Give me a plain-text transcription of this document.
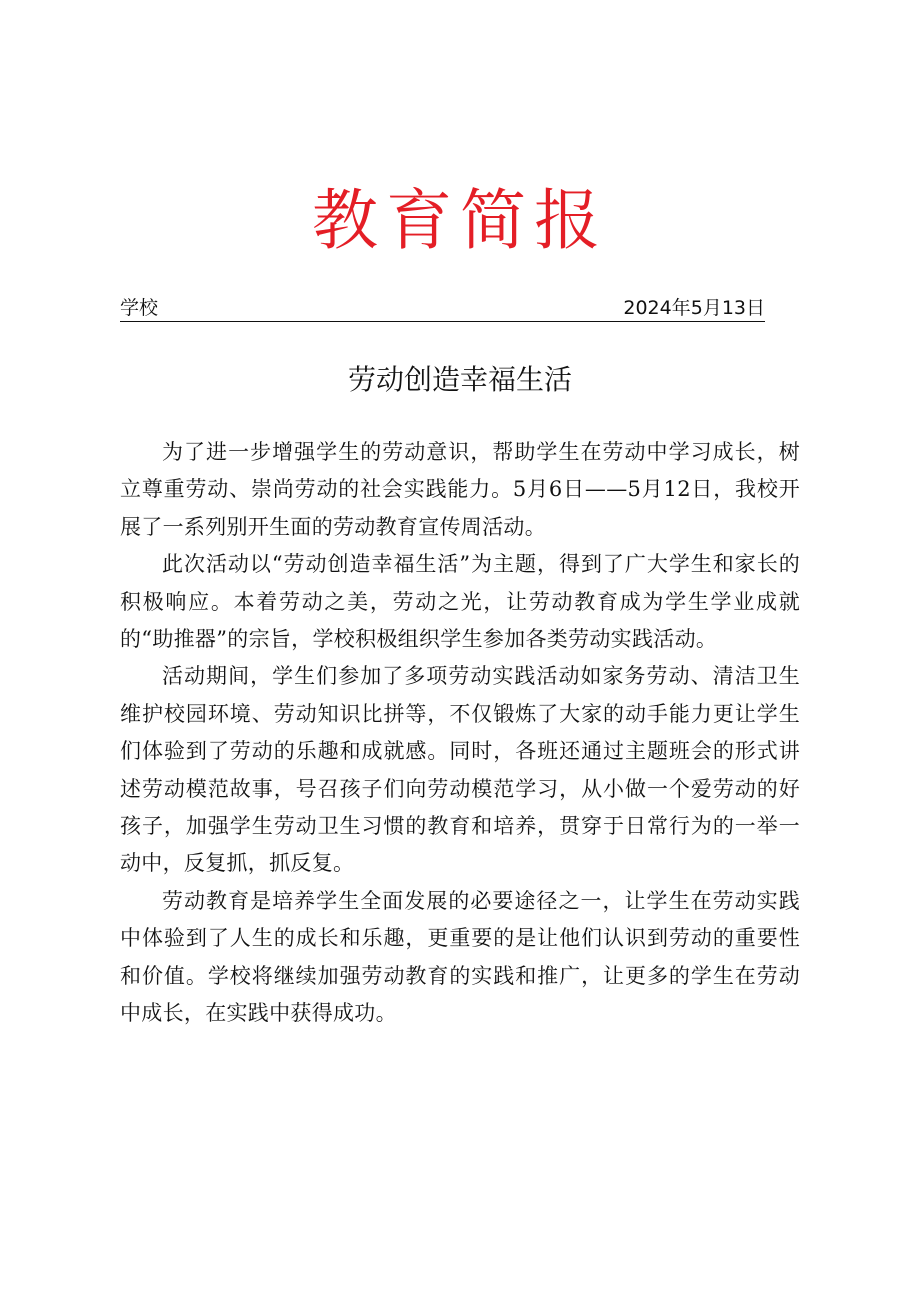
教育简报
学校	2024年5月13日
劳动创造幸福生活

为了进一步增强学生的劳动意识，帮助学生在劳动中学习成长，树立尊重劳动、崇尚劳动的社会实践能力。5月6日——5月12日，我校开展了一系列别开生面的劳动教育宣传周活动。

此次活动以“劳动创造幸福生活”为主题，得到了广大学生和家长的积极响应。本着劳动之美，劳动之光，让劳动教育成为学生学业成就的“助推器”的宗旨，学校积极组织学生参加各类劳动实践活动。

活动期间，学生们参加了多项劳动实践活动如家务劳动、清洁卫生维护校园环境、劳动知识比拼等，不仅锻炼了大家的动手能力更让学生们体验到了劳动的乐趣和成就感。同时，各班还通过主题班会的形式讲述劳动模范故事，号召孩子们向劳动模范学习，从小做一个爱劳动的好孩子，加强学生劳动卫生习惯的教育和培养，贯穿于日常行为的一举一动中，反复抓，抓反复。

劳动教育是培养学生全面发展的必要途径之一，让学生在劳动实践中体验到了人生的成长和乐趣，更重要的是让他们认识到劳动的重要性和价值。学校将继续加强劳动教育的实践和推广，让更多的学生在劳动中成长，在实践中获得成功。
